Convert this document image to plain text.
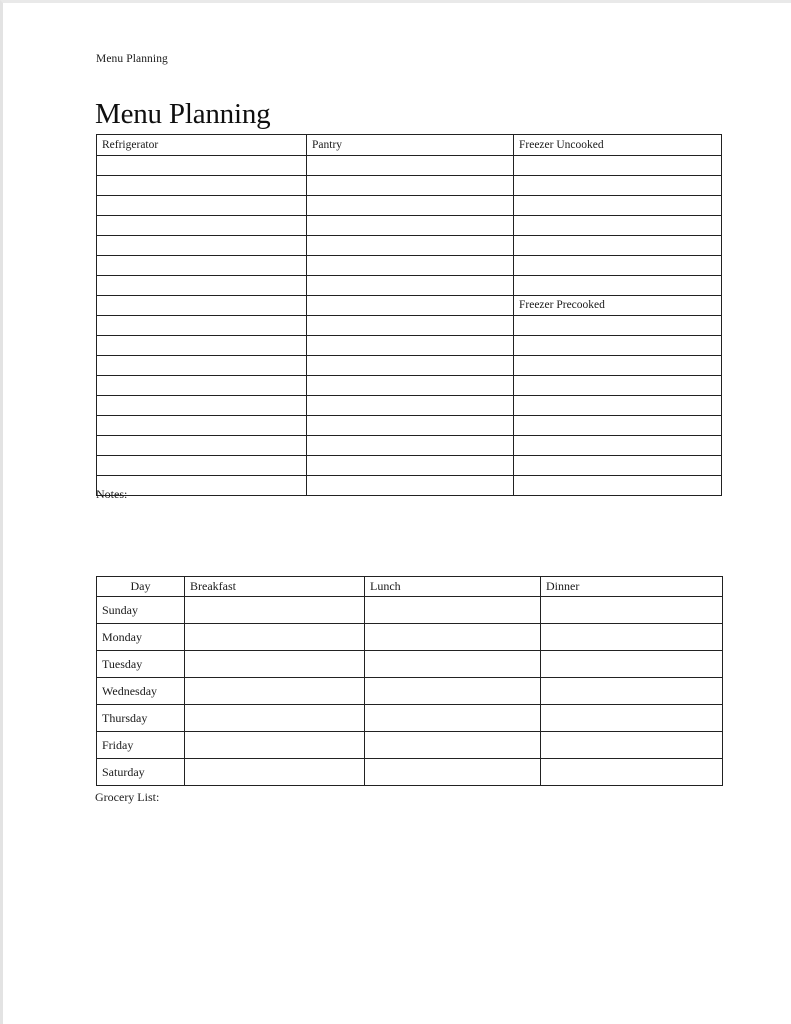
Menu Planning
Menu Planning
Refrigerator	Pantry	Freezer Uncooked

		Freezer Precooked

Notes:
Day	Breakfast	Lunch	Dinner
Sunday			
Monday			
Tuesday			
Wednesday			
Thursday			
Friday			
Saturday			
Grocery List:
